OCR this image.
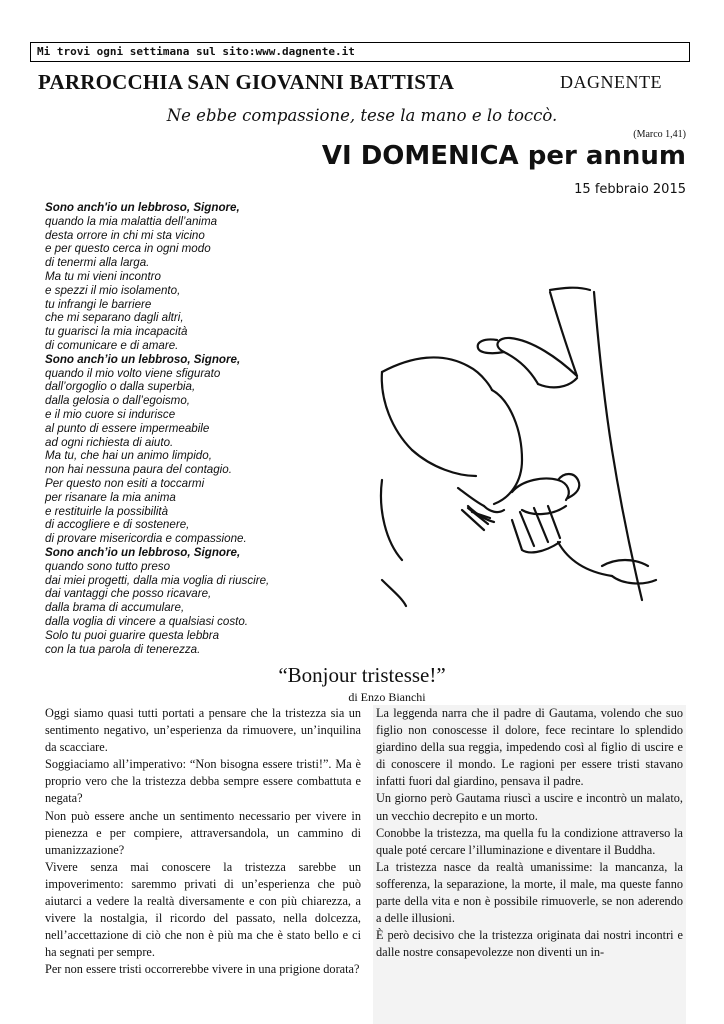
Mi trovi ogni settimana sul sito:www.dagnente.it
PARROCCHIA SAN GIOVANNI BATTISTA	DAGNENTE
Ne ebbe compassione, tese la mano e lo toccò.
(Marco 1,41)
VI DOMENICA per annum
15 febbraio 2015
Sono anch'io un lebbroso, Signore,
quando la mia malattia dell’anima
desta orrore in chi mi sta vicino
e per questo cerca in ogni modo
di tenermi alla larga.
Ma tu mi vieni incontro
e spezzi il mio isolamento,
tu infrangi le barriere
che mi separano dagli altri,
tu guarisci la mia incapacità
di comunicare e di amare.
Sono anch’io un lebbroso, Signore,
quando il mio volto viene sfigurato
dall’orgoglio o dalla superbia,
dalla gelosia o dall’egoismo,
e il mio cuore si indurisce
al punto di essere impermeabile
ad ogni richiesta di aiuto.
Ma tu, che hai un animo limpido,
non hai nessuna paura del contagio.
Per questo non esiti a toccarmi
per risanare la mia anima
e restituirle la possibilità
di accogliere e di sostenere,
di provare misericordia e compassione.
Sono anch’io un lebbroso, Signore,
quando sono tutto preso
dai miei progetti, dalla mia voglia di riuscire,
dai vantaggi che posso ricavare,
dalla brama di accumulare,
dalla voglia di vincere a qualsiasi costo.
Solo tu puoi guarire questa lebbra
con la tua parola di tenerezza.
“Bonjour tristesse!”
di Enzo Bianchi

Oggi siamo quasi tutti portati a pensare che la tristezza sia un sentimento negativo, un’esperienza da rimuovere, un’inquilina da scacciare.

Soggiaciamo all’imperativo: “Non bisogna essere tristi!”. Ma è proprio vero che la tristezza debba sempre essere combattuta e negata?

Non può essere anche un sentimento necessario per vivere in pienezza e per compiere, attraversandola, un cammino di umanizzazione?

Vivere senza mai conoscere la tristezza sarebbe un impoverimento: saremmo privati di un’esperienza che può aiutarci a vedere la realtà diversamente e con più chiarezza, a vivere la nostalgia, il ricordo del passato, nella dolcezza, nell’accettazione di ciò che non è più ma che è stato bello e ci ha segnati per sempre.

Per non essere tristi occorrerebbe vivere in una prigione dorata?

La leggenda narra che il padre di Gautama, volendo che suo figlio non conoscesse il dolore, fece recintare lo splendido giardino della sua reggia, impedendo così al figlio di uscire e di conoscere il mondo. Le ragioni per essere tristi stavano infatti fuori dal giardino, pensava il padre.

Un giorno però Gautama riuscì a uscire e incontrò un malato, un vecchio decrepito e un morto.

Conobbe la tristezza, ma quella fu la condizione attraverso la quale poté cercare l’illuminazione e diventare il Buddha.

La tristezza nasce da realtà umanissime: la mancanza, la sofferenza, la separazione, la morte, il male, ma queste fanno parte della vita e non è possibile rimuoverle, se non aderendo a delle illusioni.

È però decisivo che la tristezza originata dai nostri incontri e dalle nostre consapevolezze non diventi un in-
